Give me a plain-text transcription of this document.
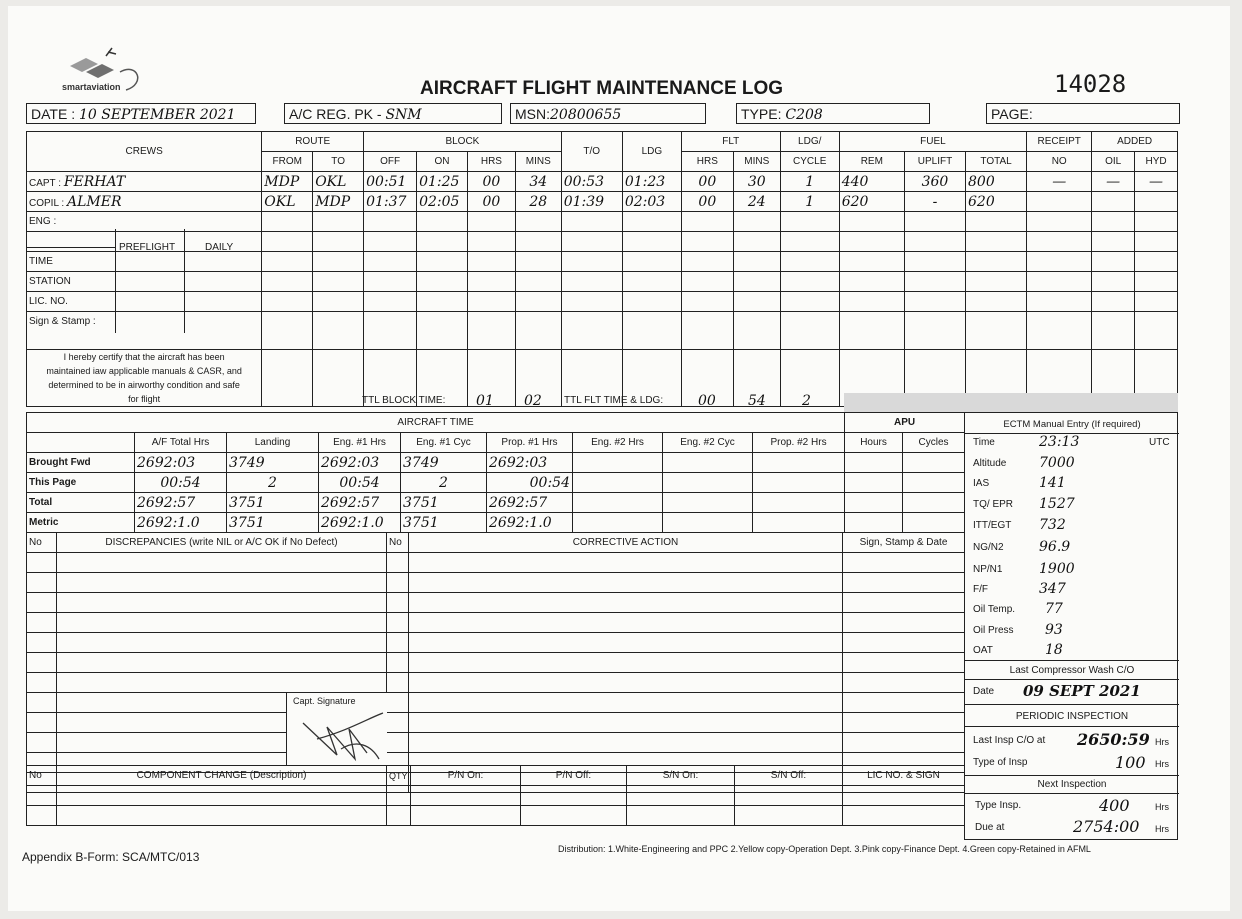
smartaviation	AIRCRAFT FLIGHT MAINTENANCE LOG	14028
DATE : 10 SEPTEMBER 2021	A/C REG. PK - SNM	MSN:20800655	TYPE: C208	PAGE:
CREWS	ROUTE		BLOCK				T/O	LDG	FLT		LDG/	FUEL			RECEIPT	ADDED	
	FROM	TO	OFF	ON	HRS	MINS			HRS	MINS	CYCLE	REM	UPLIFT	TOTAL	NO	OIL	HYD
CAPT : FERHAT	MDP	OKL	00:51	01:25	00	34	00:53	01:23	00	30	1	440	360	800	—	—	—
COPIL : ALMER	OKL	MDP	01:37	02:05	00	28	01:39	02:03	00	24	1	620	-	620			
ENG :																	

PREFLIGHT DAILY																	

TIME																	
STATION																	
LIC. NO.																	
Sign & Stamp :																	

I hereby certify that the aircraft has been
maintained iaw applicable manuals & CASR, and
determined to be in airworthy condition and safe
for flight																	
																		TTL BLOCK TIME: 01 02 TTL FLT TIME & LDG: 00 54	2
AIRCRAFT TIME									APU	
	A/F Total Hrs	Landing	Eng. #1 Hrs	Eng. #1 Cyc	Prop. #1 Hrs	Eng. #2 Hrs	Eng. #2 Cyc	Prop. #2 Hrs	Hours	Cycles
Brought Fwd	2692:03	3749	2692:03	3749	2692:03					
This Page	00:54	2	00:54	2	00:54					
Total	2692:57	3751	2692:57	3751	2692:57					
Metric	2692:1.0	3751	2692:1.0	3751	2692:1.0					
No	DISCREPANCIES (write NIL or A/C OK if No Defect)	No	CORRECTIVE ACTION	Sign, Stamp & Date

Capt. Signature
No	COMPONENT CHANGE (Description)	QTY	P/N On:	P/N Off:	S/N On:	S/N Off:	LIC NO. & SIGN

ECTM Manual Entry (If required)
Time	23:13	UTC
Altitude 7000
IAS	141
TQ/ EPR 1527
ITT/EGT 732
NG/N2	96.9
NP/N1	1900
F/F	347
Oil Temp. 77
Oil Press 93
OAT	18
Last Compressor Wash C/O
Date 09 SEPT 2021
PERIODIC INSPECTION
Last Insp C/O at 2650:59 Hrs
Type of Insp	100 Hrs
Next Inspection
Type Insp.	400	Hrs
Due at	2754:00 Hrs
Appendix B-Form: SCA/MTC/013
Distribution: 1.White-Engineering and PPC 2.Yellow copy-Operation Dept. 3.Pink copy-Finance Dept. 4.Green copy-Retained in AFML
